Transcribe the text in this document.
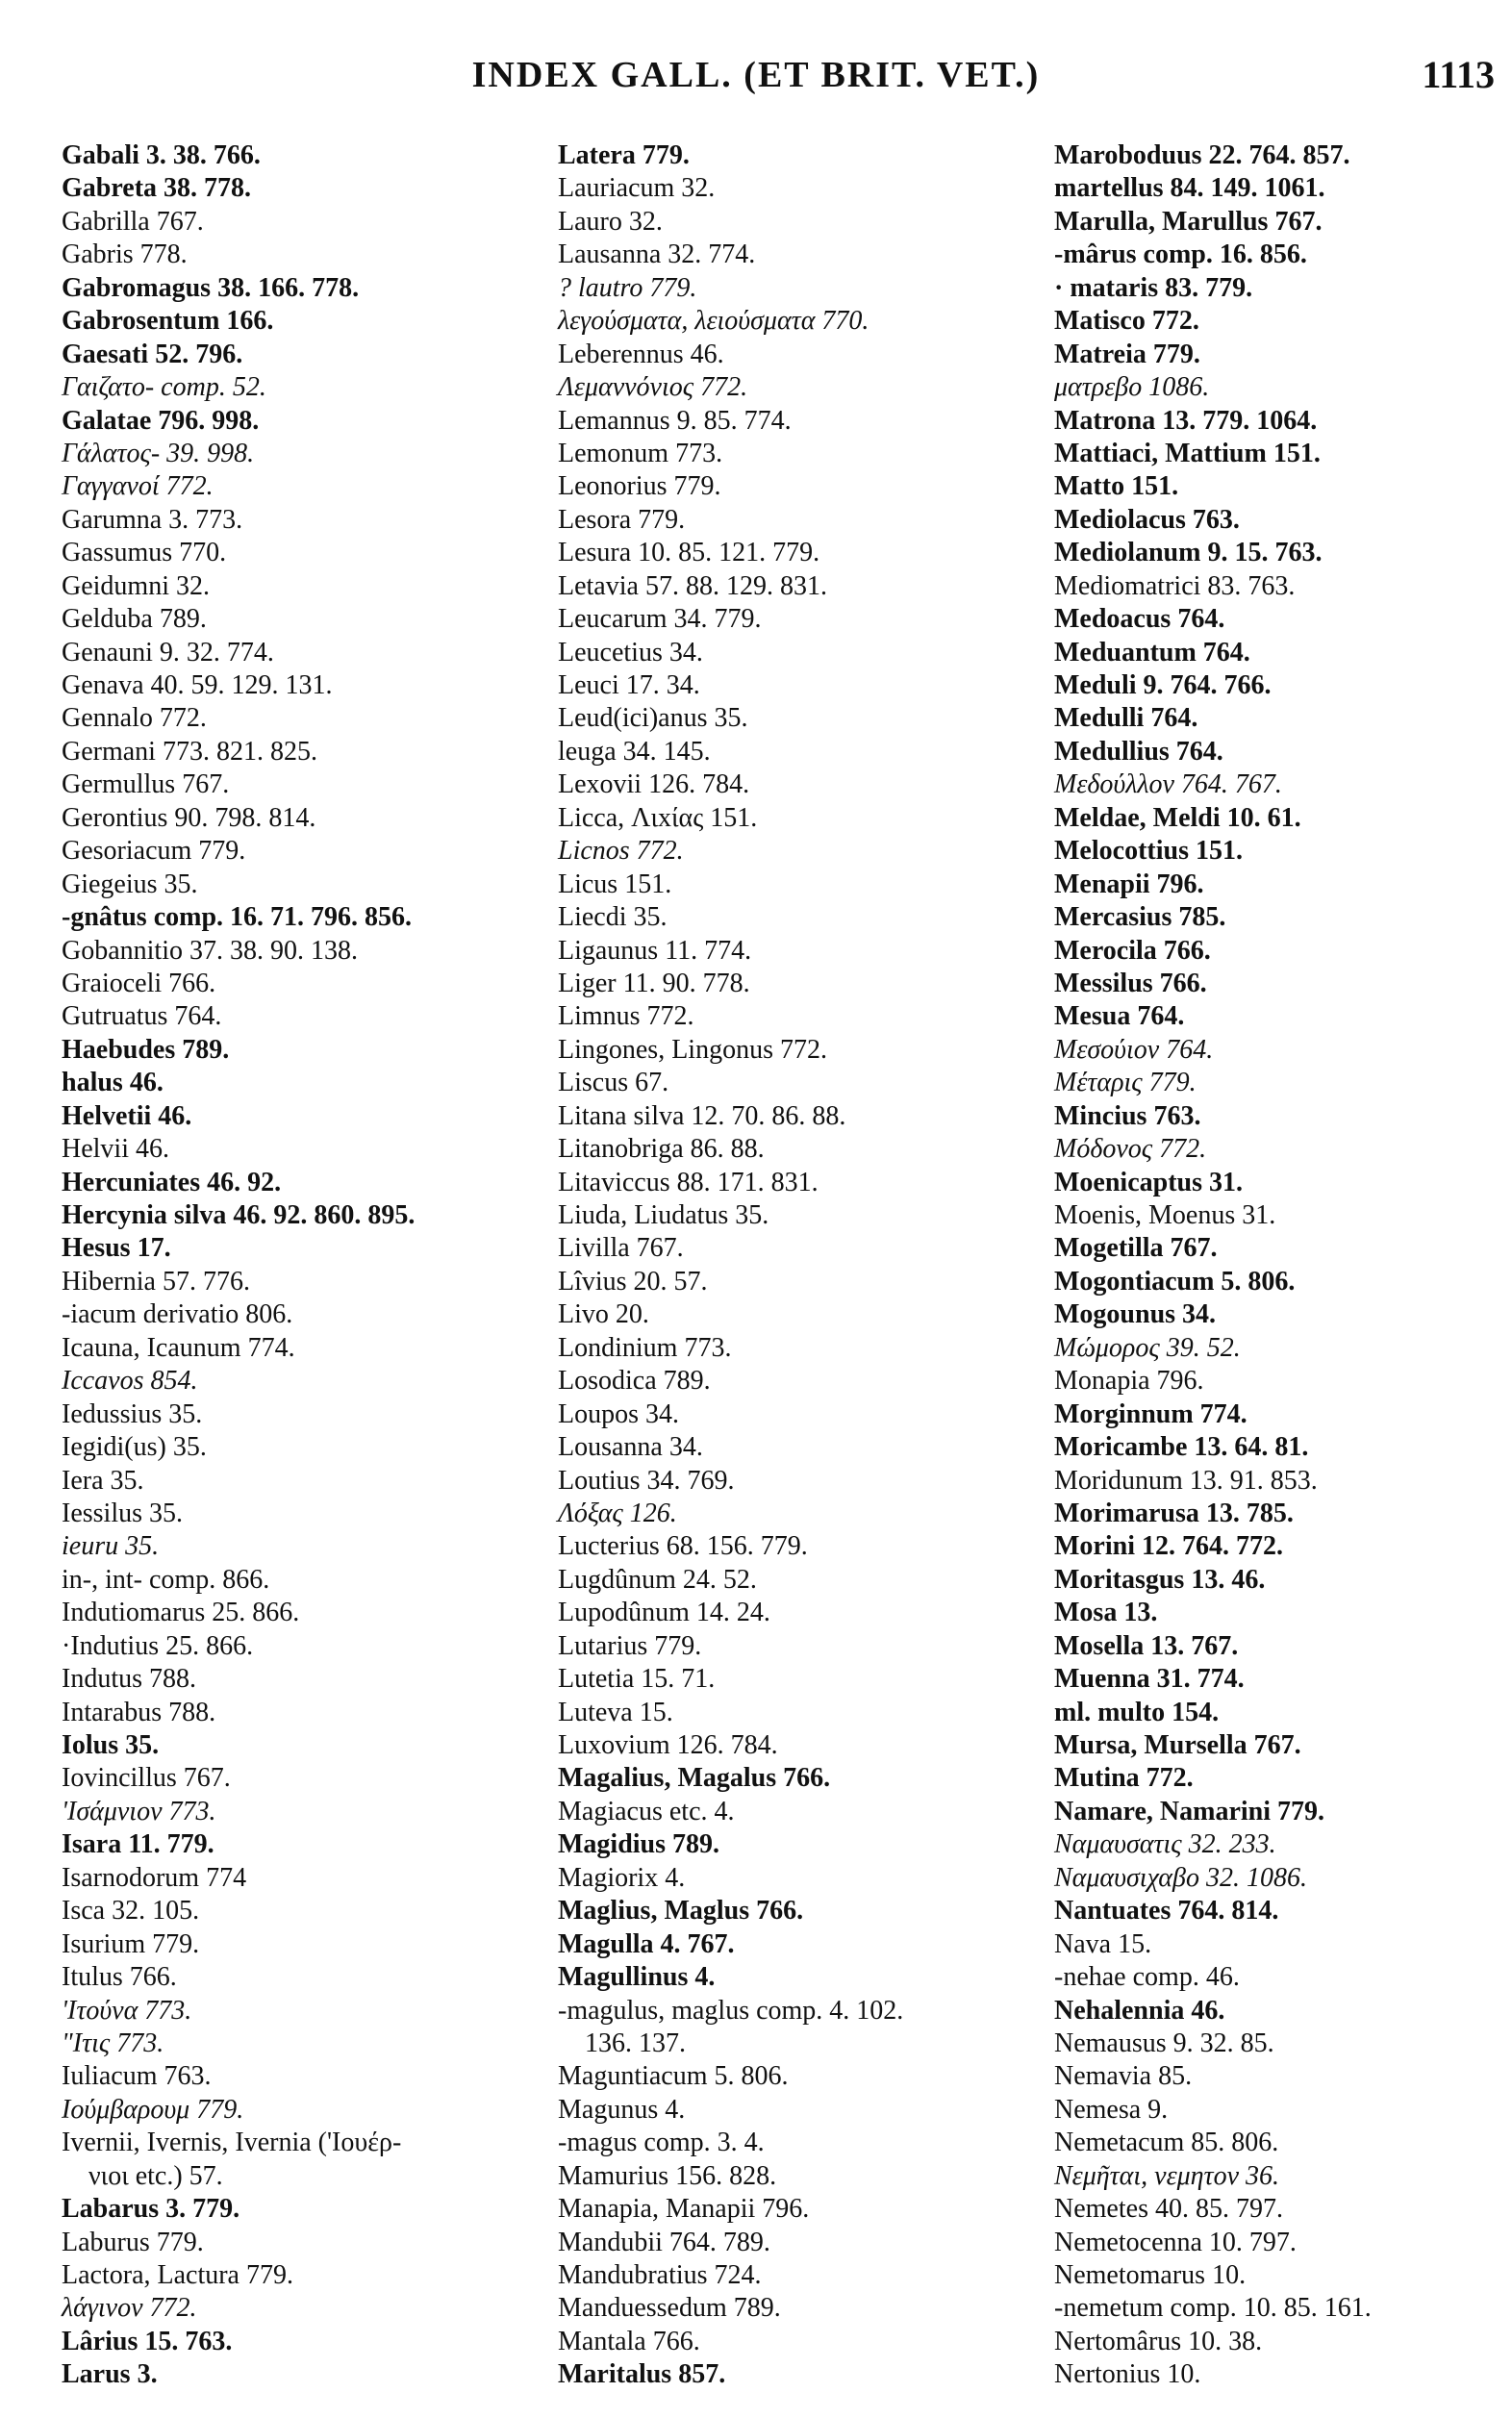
INDEX GALL. (ET BRIT. VET.)	1113
Gabali 3. 38. 766.
Gabreta 38. 778.
Gabrilla 767.
Gabris 778.
Gabromagus 38. 166. 778.
Gabrosentum 166.
Gaesati 52. 796.
Γαιζατο- comp. 52.
Galatae 796. 998.
Γάλατος- 39. 998.
Γαγγανοί 772.
Garumna 3. 773.
Gassumus 770.
Geidumni 32.
Gelduba 789.
Genauni 9. 32. 774.
Genava 40. 59. 129. 131.
Gennalo 772.
Germani 773. 821. 825.
Germullus 767.
Gerontius 90. 798. 814.
Gesoriacum 779.
Giegeius 35.
-gnâtus comp. 16. 71. 796. 856.
Gobannitio 37. 38. 90. 138.
Graioceli 766.
Gutruatus 764.
Haebudes 789.
halus 46.
Helvetii 46.
Helvii 46.
Hercuniates 46. 92.
Hercynia silva 46. 92. 860. 895.
Hesus 17.
Hibernia 57. 776.
-iacum derivatio 806.
Icauna, Icaunum 774.
Ιccavos 854.
Iedussius 35.
Iegidi(us) 35.
Iera 35.
Iessilus 35.
ieuru 35.
in-, int- comp. 866.
Indutiomarus 25. 866.
·Indutius 25. 866.
Indutus 788.
Intarabus 788.
Iolus 35.
Iovincillus 767.
'Ισάμνιον 773.
Isara 11. 779.
Isarnodorum 774
Isca 32. 105.
Isurium 779.
Itulus 766.
'Ιτούνα 773.
"Ιτις 773.
Iuliacum 763.
Ιούμβαρουμ 779.
Ivernii, Ivernis, Ivernia ('Ιουέρ-
νιοι etc.) 57.
Labarus 3. 779.
Laburus 779.
Lactora, Lactura 779.
λάγινον 772.
Lârius 15. 763.
Larus 3.
Latera 779.
Lauriacum 32.
Lauro 32.
Lausanna 32. 774.
? lautro 779.
λεγούσματα, λειούσματα 770.
Leberennus 46.
Λεμαννόνιος 772.
Lemannus 9. 85. 774.
Lemonum 773.
Leonorius 779.
Lesora 779.
Lesura 10. 85. 121. 779.
Letavia 57. 88. 129. 831.
Leucarum 34. 779.
Leucetius 34.
Leuci 17. 34.
Leud(ici)anus 35.
leuga 34. 145.
Lexovii 126. 784.
Licca, Λιxίας 151.
Licnos 772.
Licus 151.
Liecdi 35.
Ligaunus 11. 774.
Liger 11. 90. 778.
Limnus 772.
Lingones, Lingonus 772.
Liscus 67.
Litana silva 12. 70. 86. 88.
Litanobriga 86. 88.
Litaviccus 88. 171. 831.
Liuda, Liudatus 35.
Livilla 767.
Lîvius 20. 57.
Livo 20.
Londinium 773.
Losodica 789.
Loupos 34.
Lousanna 34.
Loutius 34. 769.
Λόξας 126.
Lucterius 68. 156. 779.
Lugdûnum 24. 52.
Lupodûnum 14. 24.
Lutarius 779.
Lutetia 15. 71.
Luteva 15.
Luxovium 126. 784.
Magalius, Magalus 766.
Magiacus etc. 4.
Magidius 789.
Magiorix 4.
Maglius, Maglus 766.
Magulla 4. 767.
Magullinus 4.
-magulus, maglus comp. 4. 102.
136. 137.
Maguntiacum 5. 806.
Magunus 4.
-magus comp. 3. 4.
Mamurius 156. 828.
Manapia, Manapii 796.
Mandubii 764. 789.
Mandubratius 724.
Manduessedum 789.
Mantala 766.
Maritalus 857.
Maroboduus 22. 764. 857.
martellus 84. 149. 1061.
Marulla, Marullus 767.
-mârus comp. 16. 856.
· mataris 83. 779.
Matisco 772.
Matreia 779.
ματρεβο 1086.
Matrona 13. 779. 1064.
Mattiaci, Mattium 151.
Matto 151.
Mediolacus 763.
Mediolanum 9. 15. 763.
Mediomatrici 83. 763.
Medoacus 764.
Meduantum 764.
Meduli 9. 764. 766.
Medulli 764.
Medullius 764.
Μεδούλλον 764. 767.
Meldae, Meldi 10. 61.
Melocottius 151.
Menapii 796.
Mercasius 785.
Merocila 766.
Messilus 766.
Mesua 764.
Μεσούιον 764.
Μέταρις 779.
Mincius 763.
Μόδονος 772.
Moenicaptus 31.
Moenis, Moenus 31.
Mogetilla 767.
Mogontiacum 5. 806.
Mogounus 34.
Μώμορος 39. 52.
Monapia 796.
Morginnum 774.
Moricambe 13. 64. 81.
Moridunum 13. 91. 853.
Morimarusa 13. 785.
Morini 12. 764. 772.
Moritasgus 13. 46.
Mosa 13.
Mosella 13. 767.
Muenna 31. 774.
ml. multo 154.
Mursa, Mursella 767.
Mutina 772.
Namare, Namarini 779.
Ναμαυσατις 32. 233.
Ναμαυσιχαβο 32. 1086.
Nantuates 764. 814.
Nava 15.
-nehae comp. 46.
Nehalennia 46.
Nemausus 9. 32. 85.
Nemavia 85.
Nemesa 9.
Nemetacum 85. 806.
Νεμῆται, νεμητον 36.
Nemetes 40. 85. 797.
Nemetocenna 10. 797.
Nemetomarus 10.
-nemetum comp. 10. 85. 161.
Nertomârus 10. 38.
Nertonius 10.
